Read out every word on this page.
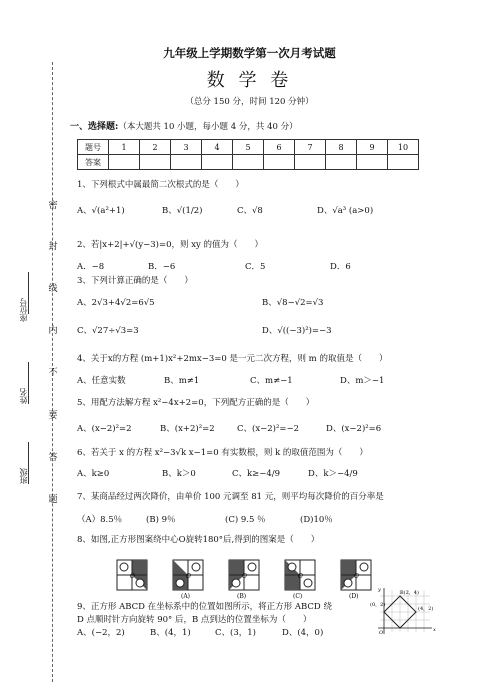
九年级上学期数学第一次月考试题
数 学 卷
（总分 150 分，时间 120 分钟）
密
封
线
内
不
要
答
题
座位号
姓名
班级
一、选择题:（本大题共 10 小题，每小题 4 分，共 40 分）
题号	1	2	3	4	5	6	7	8	9	10
答案										
1、下列根式中属最简二次根式的是（　　）
A、√(a²+1)	B、√(1/2)	C、√8	D、√a³ (a>0)
2、若|x+2|+√(y−3)=0，则 xy 的值为（　　）
A．−8	B．−6	C．5	D．6
3、下列计算正确的是（　　）
A、2√3+4√2=6√5	B、√8−√2=√3
C、√27÷√3=3	D、√((−3)²)=−3
4、关于x的方程 (m+1)x²+2mx−3=0 是一元二次方程，则 m 的取值是（　　）
A、任意实数	B、m≠1	C、m≠−1	D、m＞−1
5、用配方法解方程 x²−4x+2=0，下列配方正确的是（　　）
A、(x−2)²=2	B、(x+2)²=2	C、(x−2)²=−2	D、(x−2)²=6
6、若关于 x 的方程 x²−3√k x−1=0 有实数根，则 k 的取值范围为（　　）
A、k≥0	B、k＞0	C、k≥−4/9	D、k＞−4/9
7、某商品经过两次降价，由单价 100 元调至 81 元，则平均每次降价的百分率是
（A）8.5％	(B) 9％	(C) 9.5 ％	(D)10％
8、如图,正方形图案绕中心O旋转180°后,得到的图案是（　　）
O	O
(A)
O
(B)
O
(C)
O
(D)
9、正方形 ABCD 在坐标系中的位置如图所示，将正方形 ABCD 绕
D 点顺时针方向旋转 90° 后，B 点到达的位置坐标为（　　）
A、(−2，2)	B、(4，1)	C、(3，1)	D、(4，0)
y	B(2，4)
(0，2)
(4，2)
O	x
